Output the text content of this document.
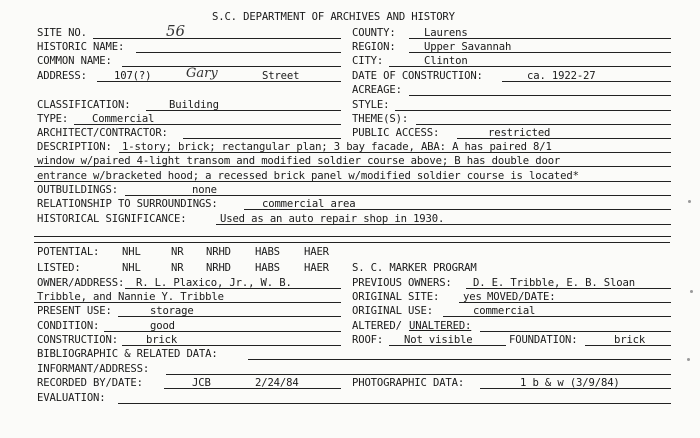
S.C. DEPARTMENT OF ARCHIVES AND HISTORY
SITE NO.	56	COUNTY:	Laurens
HISTORIC NAME:	REGION:	Upper Savannah
COMMON NAME:	CITY:	Clinton
ADDRESS:	107(?)	Gary	Street	DATE OF CONSTRUCTION:	ca. 1922-27
ACREAGE:
CLASSIFICATION:	Building	STYLE:
TYPE: Commercial	THEME(S):
ARCHITECT/CONTRACTOR:	PUBLIC ACCESS:	restricted
DESCRIPTION: 1-story; brick; rectangular plan; 3 bay facade, ABA: A has paired 8/1
window w/paired 4-light transom and modified soldier course above; B has double door
entrance w/bracketed hood; a recessed brick panel w/modified soldier course is located*
OUTBUILDINGS:	none
RELATIONSHIP TO SURROUNDINGS:	commercial area
HISTORICAL SIGNIFICANCE:	Used as an auto repair shop in 1930.
POTENTIAL: NHL	NR NRHD HABS HAER
LISTED:	NHL	NR NRHD HABS HAER S. C. MARKER PROGRAM
OWNER/ADDRESS: R. L. Plaxico, Jr., W. B.	PREVIOUS OWNERS: D. E. Tribble, E. B. Sloan
Tribble, and Nannie Y. Tribble	ORIGINAL SITE: yes MOVED/DATE:
PRESENT USE:	storage	ORIGINAL USE:	commercial
CONDITION:	good	ALTERED/ UNALTERED:
CONSTRUCTION:	brick	ROOF: Not visible	FOUNDATION:	brick
BIBLIOGRAPHIC & RELATED DATA:
INFORMANT/ADDRESS:
RECORDED BY/DATE:	JCB	2/24/84	PHOTOGRAPHIC DATA:	1 b & w (3/9/84)
EVALUATION:
